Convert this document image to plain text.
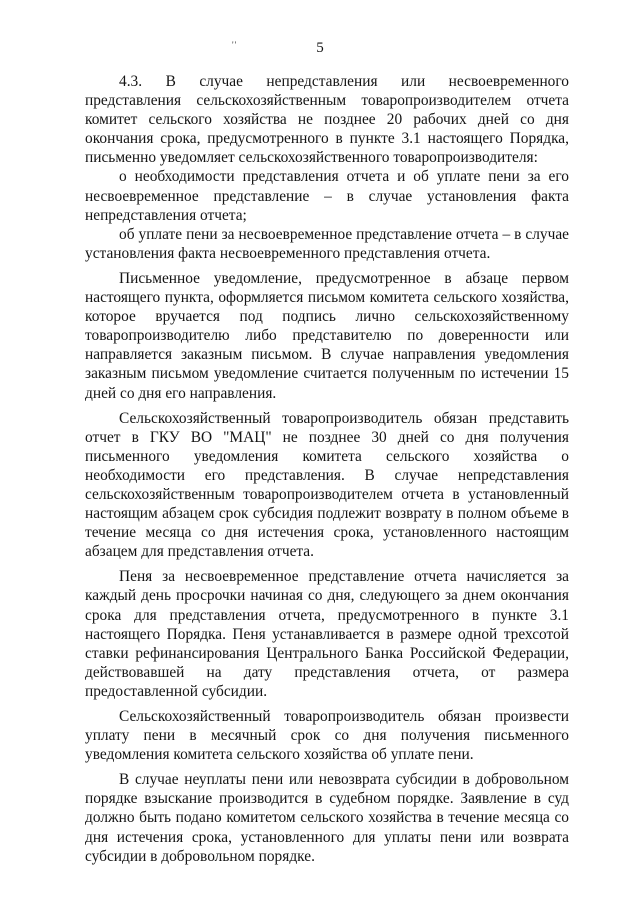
''	5

4.3. В случае непредставления или несвоевременного представления сельскохозяйственным товаропроизводителем отчета комитет сельского хозяйства не позднее 20 рабочих дней со дня окончания срока, предусмотренного в пункте 3.1 настоящего Порядка, письменно уведомляет сельскохозяйственного товаропроизводителя:

о необходимости представления отчета и об уплате пени за его несвоевременное представление – в случае установления факта непредставления отчета;

об уплате пени за несвоевременное представление отчета – в случае установления факта несвоевременного представления отчета.

Письменное уведомление, предусмотренное в абзаце первом настоящего пункта, оформляется письмом комитета сельского хозяйства, которое вручается под подпись лично сельскохозяйственному товаропроизводителю либо представителю по доверенности или направляется заказным письмом. В случае направления уведомления заказным письмом уведомление считается полученным по истечении 15 дней со дня его направления.

Сельскохозяйственный товаропроизводитель обязан представить отчет в ГКУ ВО "МАЦ" не позднее 30 дней со дня получения письменного уведомления комитета сельского хозяйства о необходимости его представления. В случае непредставления сельскохозяйственным товаропроизводителем отчета в установленный настоящим абзацем срок субсидия подлежит возврату в полном объеме в течение месяца со дня истечения срока, установленного настоящим абзацем для представления отчета.

Пеня за несвоевременное представление отчета начисляется за каждый день просрочки начиная со дня, следующего за днем окончания срока для представления отчета, предусмотренного в пункте 3.1 настоящего Порядка. Пеня устанавливается в размере одной трехсотой ставки рефинансирования Центрального Банка Российской Федерации, действовавшей на дату представления отчета, от размера предоставленной субсидии.

Сельскохозяйственный товаропроизводитель обязан произвести уплату пени в месячный срок со дня получения письменного уведомления комитета сельского хозяйства об уплате пени.

В случае неуплаты пени или невозврата субсидии в добровольном порядке взыскание производится в судебном порядке. Заявление в суд должно быть подано комитетом сельского хозяйства в течение месяца со дня истечения срока, установленного для уплаты пени или возврата субсидии в добровольном порядке.
